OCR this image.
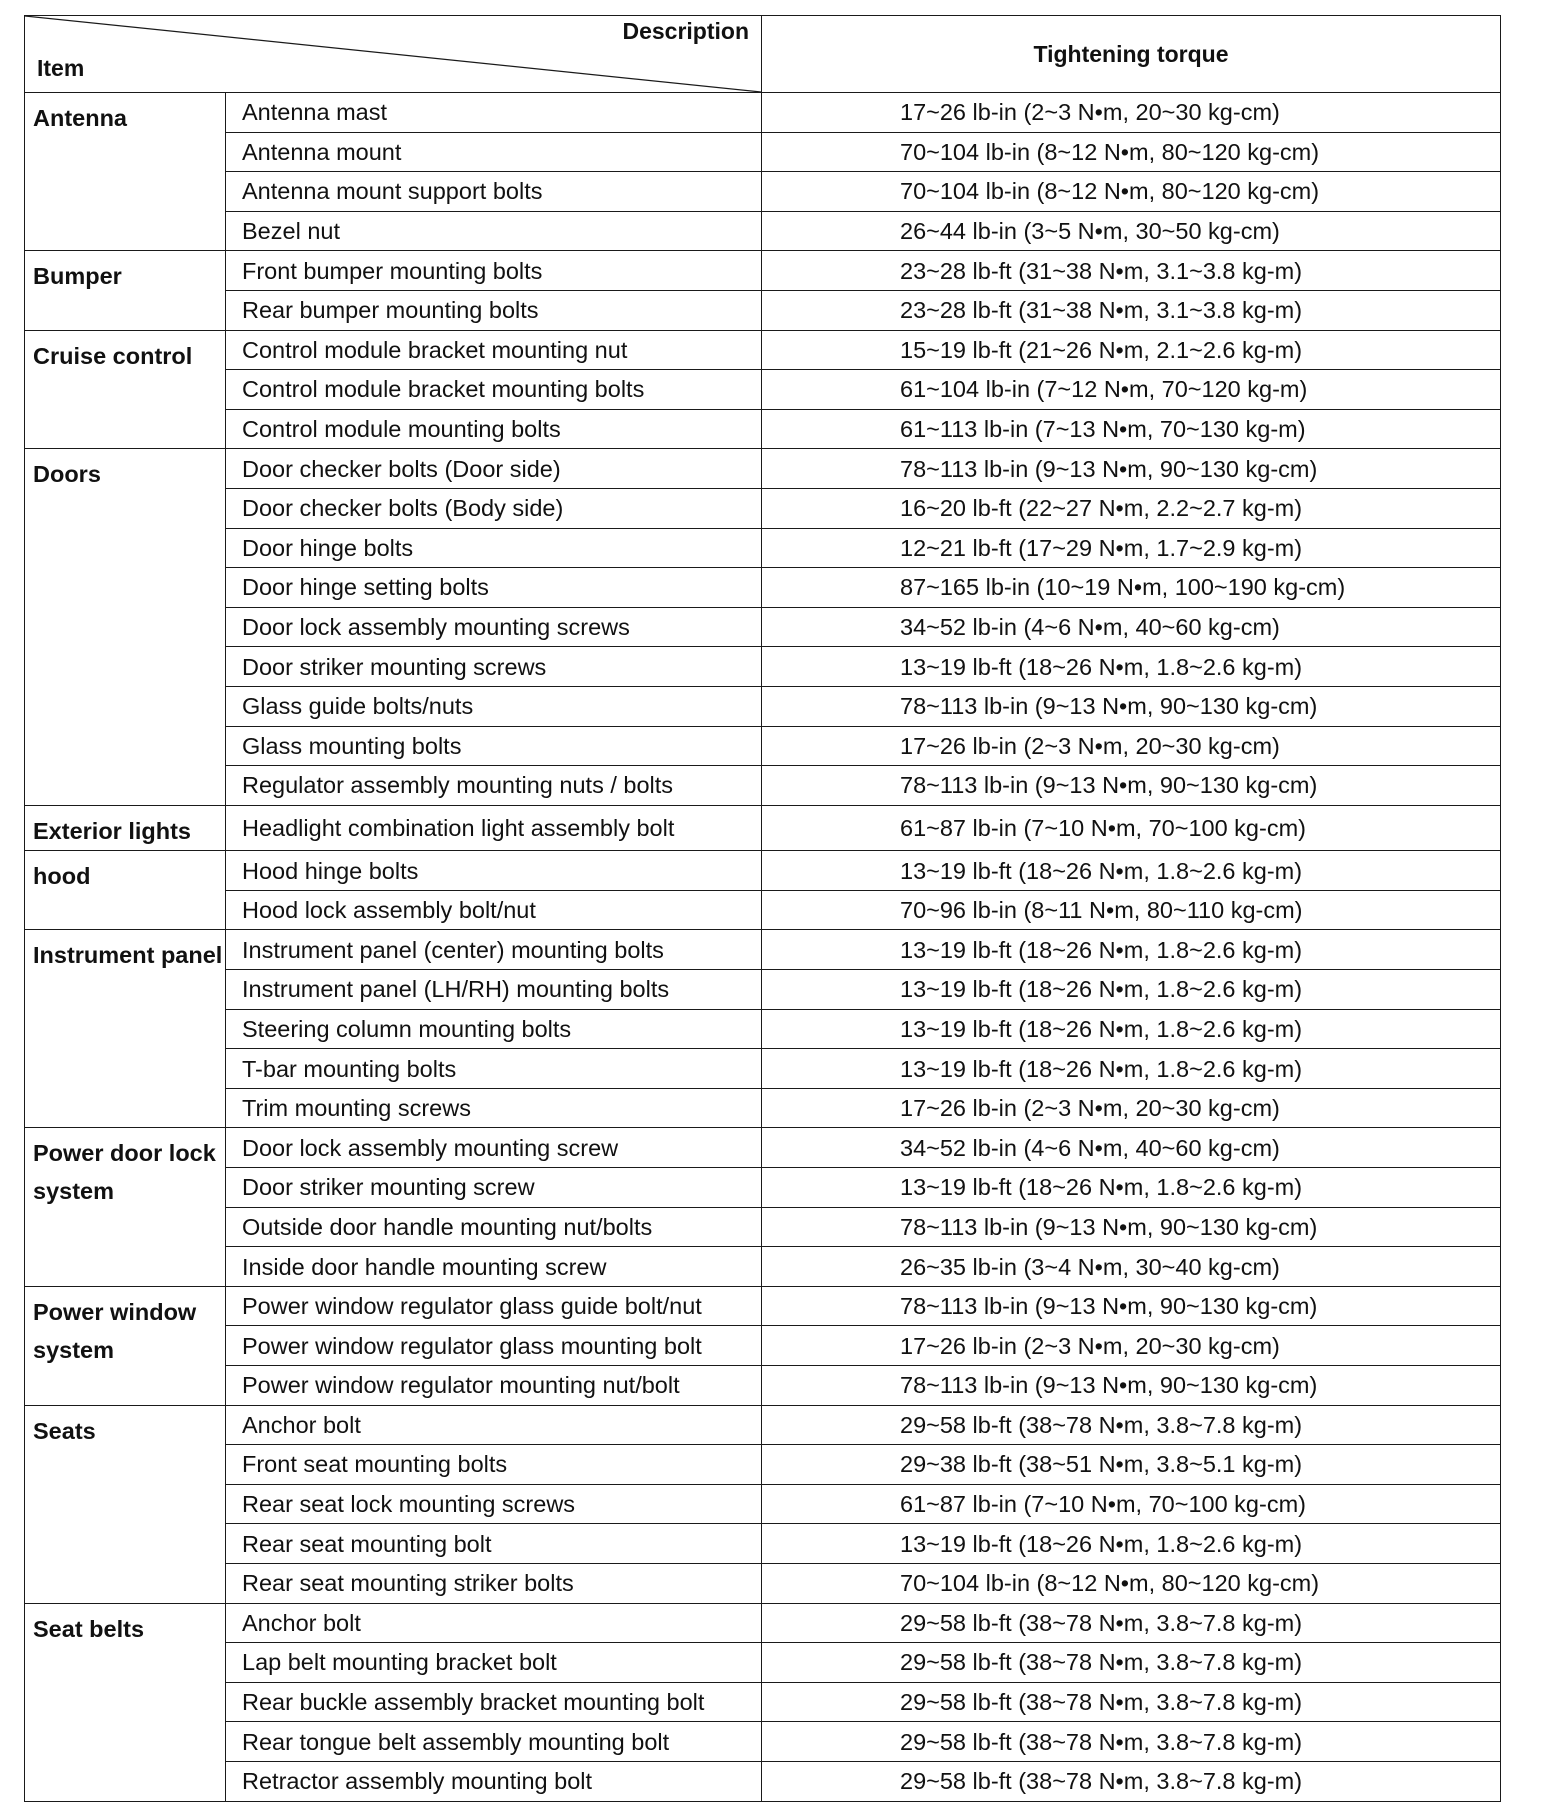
Description
Item		Tightening torque
Antenna	Antenna mast	17~26 lb-in (2~3 N•m, 20~30 kg-cm)
	Antenna mount	70~104 lb-in (8~12 N•m, 80~120 kg-cm)
	Antenna mount support bolts	70~104 lb-in (8~12 N•m, 80~120 kg-cm)
	Bezel nut	26~44 lb-in (3~5 N•m, 30~50 kg-cm)
Bumper	Front bumper mounting bolts	23~28 lb-ft (31~38 N•m, 3.1~3.8 kg-m)
	Rear bumper mounting bolts	23~28 lb-ft (31~38 N•m, 3.1~3.8 kg-m)
Cruise control	Control module bracket mounting nut	15~19 lb-ft (21~26 N•m, 2.1~2.6 kg-m)
	Control module bracket mounting bolts	61~104 lb-in (7~12 N•m, 70~120 kg-m)
	Control module mounting bolts	61~113 lb-in (7~13 N•m, 70~130 kg-m)
Doors	Door checker bolts (Door side)	78~113 lb-in (9~13 N•m, 90~130 kg-cm)
	Door checker bolts (Body side)	16~20 lb-ft (22~27 N•m, 2.2~2.7 kg-m)
	Door hinge bolts	12~21 lb-ft (17~29 N•m, 1.7~2.9 kg-m)
	Door hinge setting bolts	87~165 lb-in (10~19 N•m, 100~190 kg-cm)
	Door lock assembly mounting screws	34~52 lb-in (4~6 N•m, 40~60 kg-cm)
	Door striker mounting screws	13~19 lb-ft (18~26 N•m, 1.8~2.6 kg-m)
	Glass guide bolts/nuts	78~113 lb-in (9~13 N•m, 90~130 kg-cm)
	Glass mounting bolts	17~26 lb-in (2~3 N•m, 20~30 kg-cm)
	Regulator assembly mounting nuts / bolts	78~113 lb-in (9~13 N•m, 90~130 kg-cm)
Exterior lights	Headlight combination light assembly bolt	61~87 lb-in (7~10 N•m, 70~100 kg-cm)
hood	Hood hinge bolts	13~19 lb-ft (18~26 N•m, 1.8~2.6 kg-m)
	Hood lock assembly bolt/nut	70~96 lb-in (8~11 N•m, 80~110 kg-cm)
Instrument panel	Instrument panel (center) mounting bolts	13~19 lb-ft (18~26 N•m, 1.8~2.6 kg-m)
	Instrument panel (LH/RH) mounting bolts	13~19 lb-ft (18~26 N•m, 1.8~2.6 kg-m)
	Steering column mounting bolts	13~19 lb-ft (18~26 N•m, 1.8~2.6 kg-m)
	T-bar mounting bolts	13~19 lb-ft (18~26 N•m, 1.8~2.6 kg-m)
	Trim mounting screws	17~26 lb-in (2~3 N•m, 20~30 kg-cm)
Power door lock system	Door lock assembly mounting screw	34~52 lb-in (4~6 N•m, 40~60 kg-cm)
	Door striker mounting screw	13~19 lb-ft (18~26 N•m, 1.8~2.6 kg-m)
	Outside door handle mounting nut/bolts	78~113 lb-in (9~13 N•m, 90~130 kg-cm)
	Inside door handle mounting screw	26~35 lb-in (3~4 N•m, 30~40 kg-cm)
Power window system	Power window regulator glass guide bolt/nut	78~113 lb-in (9~13 N•m, 90~130 kg-cm)
	Power window regulator glass mounting bolt	17~26 lb-in (2~3 N•m, 20~30 kg-cm)
	Power window regulator mounting nut/bolt	78~113 lb-in (9~13 N•m, 90~130 kg-cm)
Seats	Anchor bolt	29~58 lb-ft (38~78 N•m, 3.8~7.8 kg-m)
	Front seat mounting bolts	29~38 lb-ft (38~51 N•m, 3.8~5.1 kg-m)
	Rear seat lock mounting screws	61~87 lb-in (7~10 N•m, 70~100 kg-cm)
	Rear seat mounting bolt	13~19 lb-ft (18~26 N•m, 1.8~2.6 kg-m)
	Rear seat mounting striker bolts	70~104 lb-in (8~12 N•m, 80~120 kg-cm)
Seat belts	Anchor bolt	29~58 lb-ft (38~78 N•m, 3.8~7.8 kg-m)
	Lap belt mounting bracket bolt	29~58 lb-ft (38~78 N•m, 3.8~7.8 kg-m)
	Rear buckle assembly bracket mounting bolt	29~58 lb-ft (38~78 N•m, 3.8~7.8 kg-m)
	Rear tongue belt assembly mounting bolt	29~58 lb-ft (38~78 N•m, 3.8~7.8 kg-m)
	Retractor assembly mounting bolt	29~58 lb-ft (38~78 N•m, 3.8~7.8 kg-m)
